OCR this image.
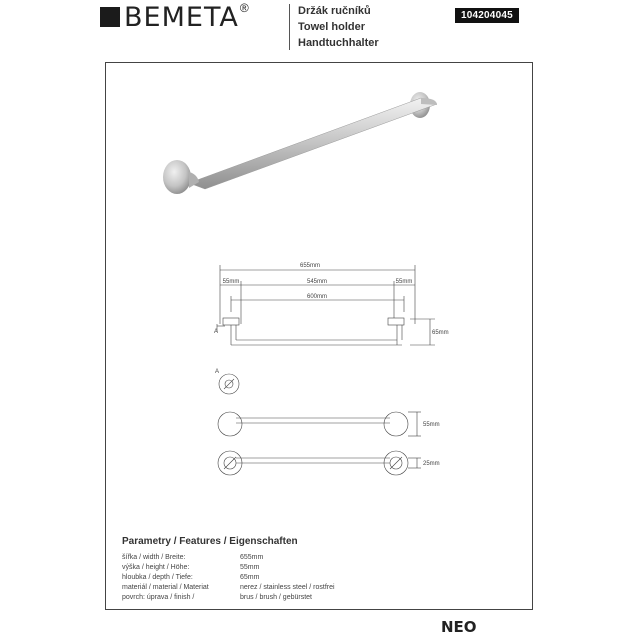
BEMETA ®	Držák ručníků
Towel holder
Handtuchhalter
104204045
655mm
55mm	545mm	55mm
600mm
65mm
A
A
55mm
25mm
Parametry / Features / Eigenschaften
šířka / width / Breite:	655mm
výška / height / Höhe:	55mm
hloubka / depth / Tiefe:	65mm
materiál / material / Materiat	nerez / stainless steel / rostfrei
povrch: úprava / finish /	brus / brush / gebürstet
NEO
